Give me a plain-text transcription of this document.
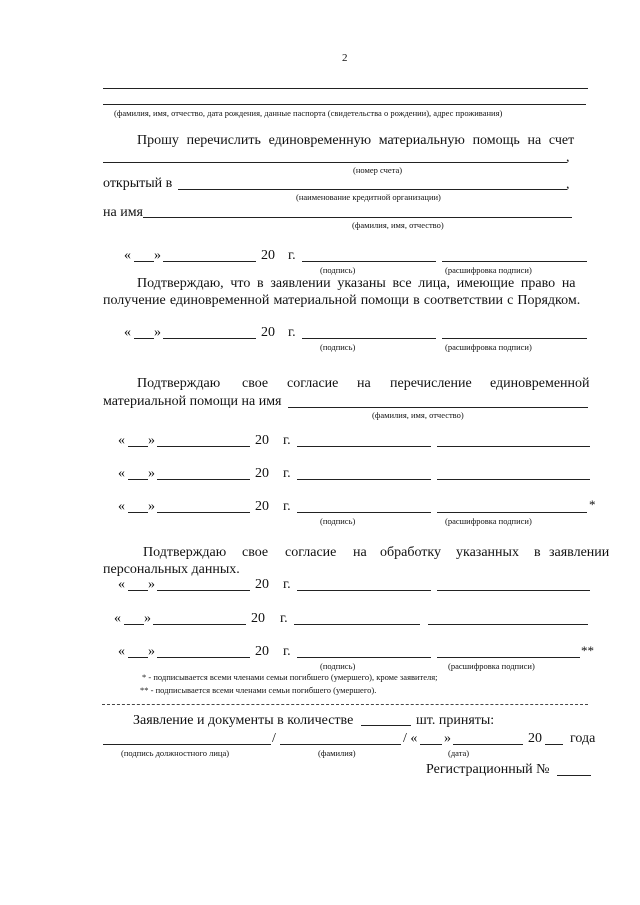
2
(фамилия, имя, отчество, дата рождения, данные паспорта (свидетельства о рождении), адрес проживания)
Прошу перечислить единовременную материальную помощь на счет
,
(номер счета)
открытый в	,
(наименование кредитной организации)
на имя
(фамилия, имя, отчество)
« »	20 г.
(подпись)	(расшифровка подписи)
Подтверждаю, что в заявлении указаны все лица, имеющие право на
получение единовременной материальной помощи в соответствии с Порядком.
« »	20 г.
(подпись)	(расшифровка подписи)
Подтверждаю свое согласие на перечисление единовременной
материальной помощи на имя
(фамилия, имя, отчество)
« »	20 г.
« »	20 г.
« »	20 г.	*
(подпись)	(расшифровка подписи)
Подтверждаю свое согласие на обработку указанных в заявлении
персональных данных.
« »	20 г.
« »	20 г.
« »	20 г.	**
(подпись)	(расшифровка подписи)
* - подписывается всеми членами семьи погибшего (умершего), кроме заявителя;
** - подписывается всеми членами семьи погибшего (умершего).
Заявление и документы в количестве	шт. приняты:
/	/ « »	20 года
(подпись должностного лица)	(фамилия)	(дата)
Регистрационный №
